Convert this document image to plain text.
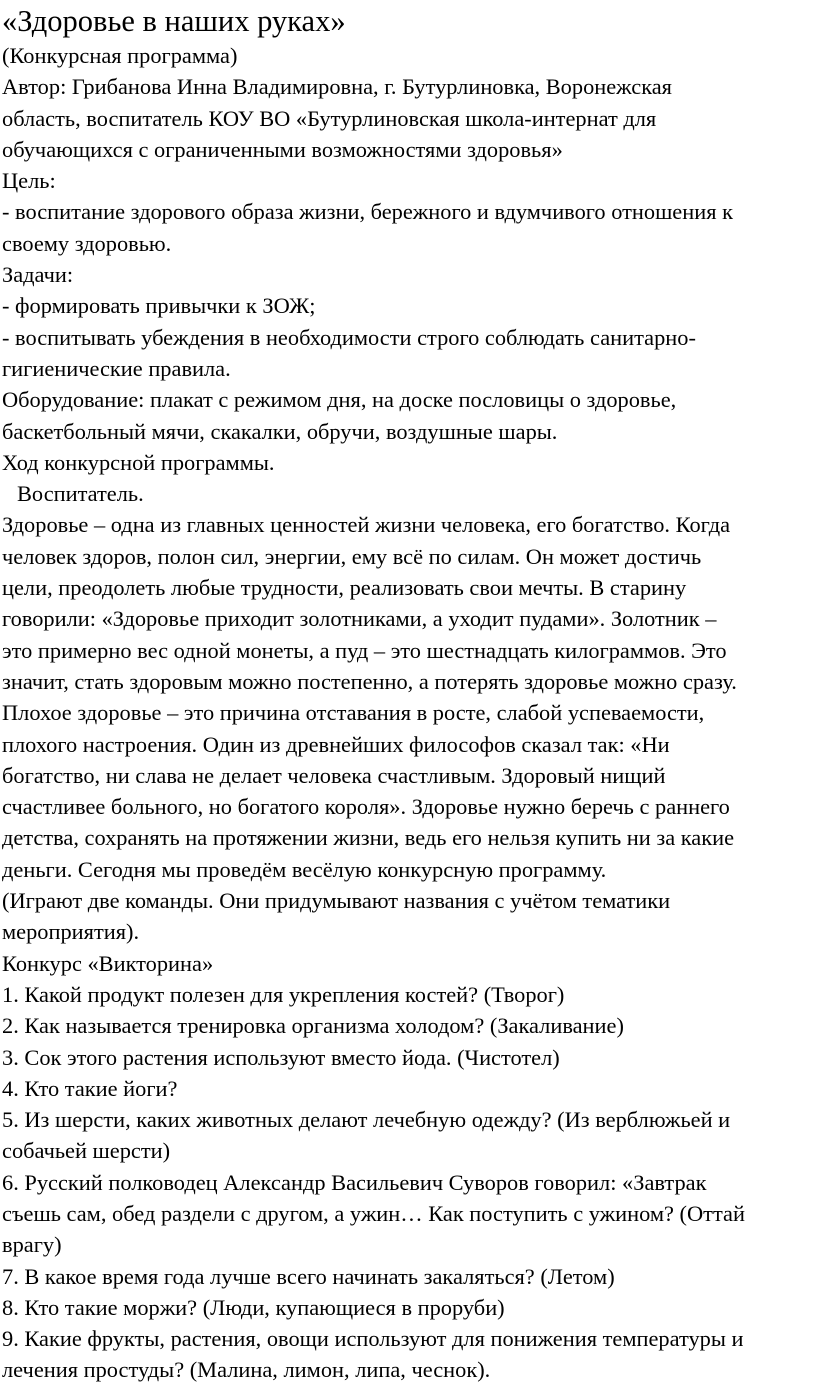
«Здоровье в наших руках»
(Конкурсная программа)
Автор: Грибанова Инна Владимировна, г. Бутурлиновка, Воронежская
область, воспитатель КОУ ВО «Бутурлиновская школа-интернат для
обучающихся с ограниченными возможностями здоровья»
Цель:
- воспитание здорового образа жизни, бережного и вдумчивого отношения к
своему здоровью.
Задачи:
- формировать привычки к ЗОЖ;
- воспитывать убеждения в необходимости строго соблюдать санитарно-
гигиенические правила.
Оборудование: плакат с режимом дня, на доске пословицы о здоровье,
баскетбольный мячи, скакалки, обручи, воздушные шары.
Ход конкурсной программы.
Воспитатель.
Здоровье – одна из главных ценностей жизни человека, его богатство. Когда
человек здоров, полон сил, энергии, ему всё по силам. Он может достичь
цели, преодолеть любые трудности, реализовать свои мечты. В старину
говорили: «Здоровье приходит золотниками, а уходит пудами». Золотник –
это примерно вес одной монеты, а пуд – это шестнадцать килограммов. Это
значит, стать здоровым можно постепенно, а потерять здоровье можно сразу.
Плохое здоровье – это причина отставания в росте, слабой успеваемости,
плохого настроения. Один из древнейших философов сказал так: «Ни
богатство, ни слава не делает человека счастливым. Здоровый нищий
счастливее больного, но богатого короля». Здоровье нужно беречь с раннего
детства, сохранять на протяжении жизни, ведь его нельзя купить ни за какие
деньги. Сегодня мы проведём весёлую конкурсную программу.
(Играют две команды. Они придумывают названия с учётом тематики
мероприятия).
Конкурс «Викторина»
1. Какой продукт полезен для укрепления костей? (Творог)
2. Как называется тренировка организма холодом? (Закаливание)
3. Сок этого растения используют вместо йода. (Чистотел)
4. Кто такие йоги?
5. Из шерсти, каких животных делают лечебную одежду? (Из верблюжьей и
собачьей шерсти)
6. Русский полководец Александр Васильевич Суворов говорил: «Завтрак
съешь сам, обед раздели с другом, а ужин… Как поступить с ужином? (Оттай
врагу)
7. В какое время года лучше всего начинать закаляться? (Летом)
8. Кто такие моржи? (Люди, купающиеся в проруби)
9. Какие фрукты, растения, овощи используют для понижения температуры и
лечения простуды? (Малина, лимон, липа, чеснок).
